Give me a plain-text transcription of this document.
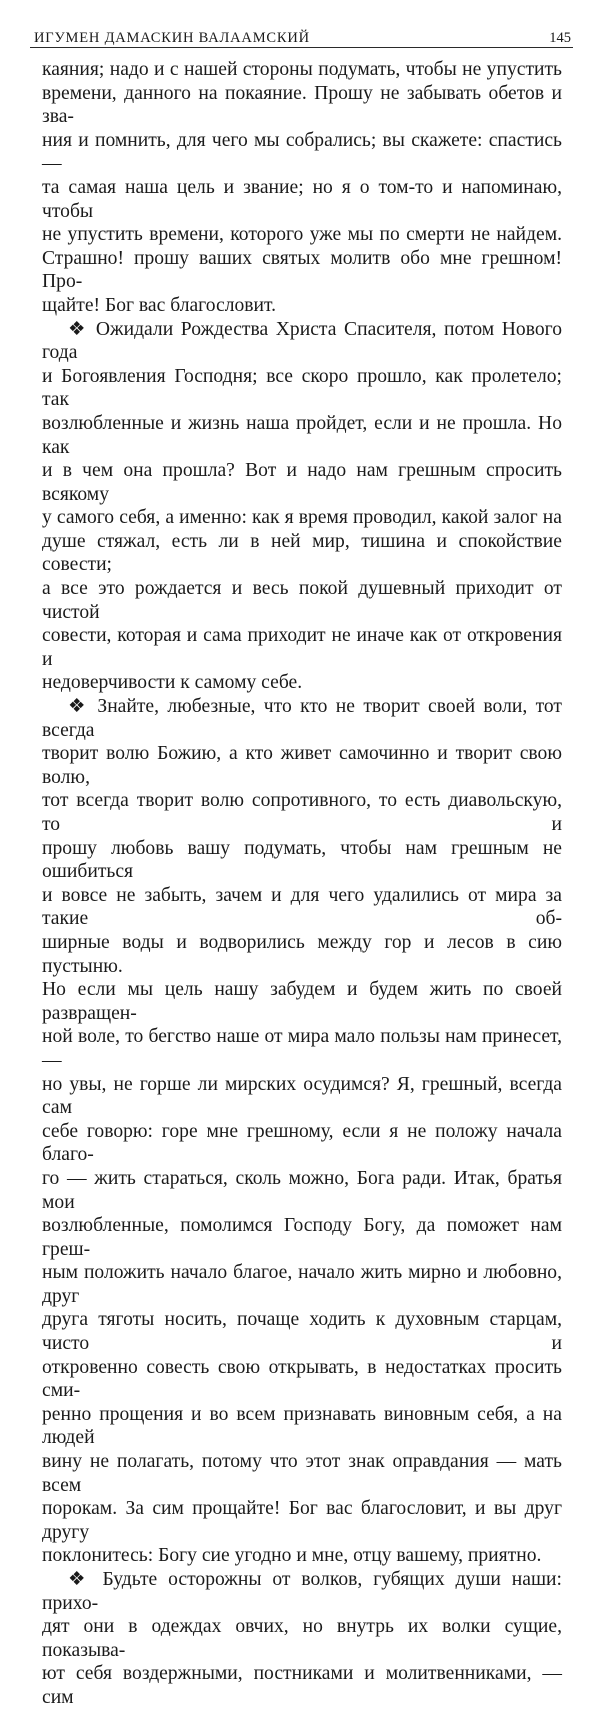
ИГУМЕН ДАМАСКИН ВАЛААМСКИЙ	145

каяния; надо и с нашей стороны подумать, чтобы не упустить

времени, данного на покаяние. Прошу не забывать обетов и зва-

ния и помнить, для чего мы собрались; вы скажете: спастись —

та самая наша цель и звание; но я о том-то и напоминаю, чтобы

не упустить времени, которого уже мы по смерти не найдем.

Страшно! прошу ваших святых молитв обо мне грешном! Про-

щайте! Бог вас благословит.

❖ Ожидали Рождества Христа Спасителя, потом Нового года

и Богоявления Господня; все скоро прошло, как пролетело; так

возлюбленные и жизнь наша пройдет, если и не прошла. Но как

и в чем она прошла? Вот и надо нам грешным спросить всякому

у самого себя, а именно: как я время проводил, какой залог на

душе стяжал, есть ли в ней мир, тишина и спокойствие совести;

а все это рождается и весь покой душевный приходит от чистой

совести, которая и сама приходит не иначе как от откровения и

недоверчивости к самому себе.

❖ Знайте, любезные, что кто не творит своей воли, тот всегда

творит волю Божию, а кто живет самочинно и творит свою волю,

тот всегда творит волю сопротивного, то есть диавольскую, то и

прошу любовь вашу подумать, чтобы нам грешным не ошибиться

и вовсе не забыть, зачем и для чего удалились от мира за такие об-

ширные воды и водворились между гор и лесов в сию пустыню.

Но если мы цель нашу забудем и будем жить по своей развращен-

ной воле, то бегство наше от мира мало пользы нам принесет, —

но увы, не горше ли мирских осудимся? Я, грешный, всегда сам

себе говорю: горе мне грешному, если я не положу начала благо-

го — жить стараться, сколь можно, Бога ради. Итак, братья мои

возлюбленные, помолимся Господу Богу, да поможет нам греш-

ным положить начало благое, начало жить мирно и любовно, друг

друга тяготы носить, почаще ходить к духовным старцам, чисто и

откровенно совесть свою открывать, в недостатках просить сми-

ренно прощения и во всем признавать виновным себя, а на людей

вину не полагать, потому что этот знак оправдания — мать всем

порокам. За сим прощайте! Бог вас благословит, и вы друг другу

поклонитесь: Богу сие угодно и мне, отцу вашему, приятно.

❖ Будьте осторожны от волков, губящих души наши: прихо-

дят они в одеждах овчих, но внутрь их волки сущие, показыва-

ют себя воздержными, постниками и молитвенниками, — сим
